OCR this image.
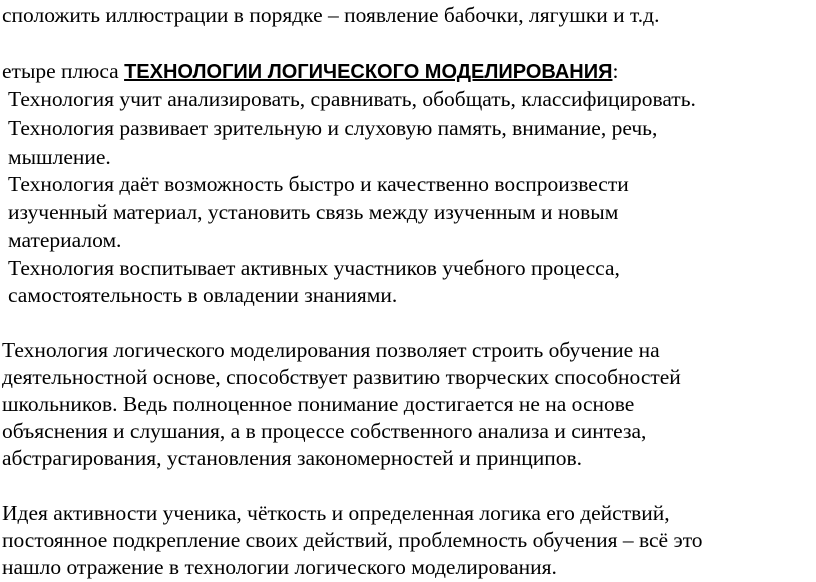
сположить иллюстрации в порядке – появление бабочки, лягушки и т.д.

етыре плюса ТЕХНОЛОГИИ ЛОГИЧЕСКОГО МОДЕЛИРОВАНИЯ:

Технология учит анализировать, сравнивать, обобщать, классифицировать.

Технология развивает зрительную и слуховую память, внимание, речь,

мышление.

Технология даёт возможность быстро и качественно воспроизвести

изученный материал, установить связь между изученным и новым

материалом.

Технология воспитывает активных участников учебного процесса,

самостоятельность в овладении знаниями.

Технология логического моделирования позволяет строить обучение на

деятельностной основе, способствует развитию творческих способностей

школьников. Ведь полноценное понимание достигается не на основе

объяснения и слушания, а в процессе собственного анализа и синтеза,

абстрагирования, установления закономерностей и принципов.

Идея активности ученика, чёткость и определенная логика его действий,

постоянное подкрепление своих действий, проблемность обучения – всё это

нашло отражение в технологии логического моделирования.
